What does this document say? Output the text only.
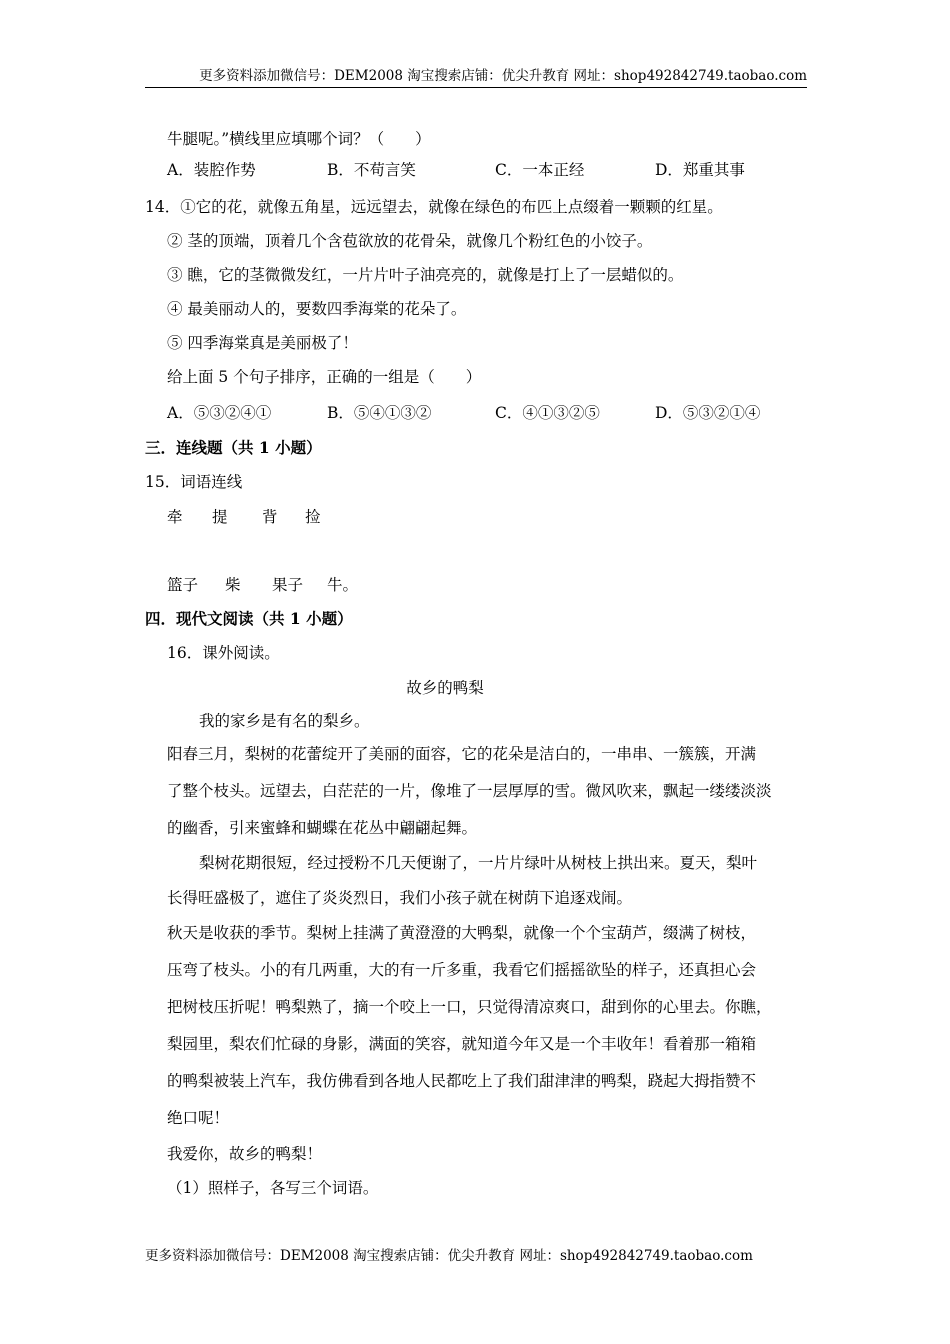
更多资料添加微信号：DEM2008 淘宝搜索店铺：优尖升教育 网址：shop492842749.taobao.com
牛腿呢。”横线里应填哪个词？（　　）
A．装腔作势	B．不苟言笑	C．一本正经	D．郑重其事
14．①它的花，就像五角星，远远望去，就像在绿色的布匹上点缀着一颗颗的红星。
② 茎的顶端，顶着几个含苞欲放的花骨朵，就像几个粉红色的小饺子。
③ 瞧，它的茎微微发红，一片片叶子油亮亮的，就像是打上了一层蜡似的。
④ 最美丽动人的，要数四季海棠的花朵了。
⑤ 四季海棠真是美丽极了！
给上面 5 个句子排序，正确的一组是（　　）
A．⑤③②④①	B．⑤④①③②	C．④①③②⑤	D．⑤③②①④
三．连线题（共 1 小题）
15．词语连线
牵 提 背 捡
篮子 柴 果子 牛。
四．现代文阅读（共 1 小题）
16．课外阅读。
故乡的鸭梨
我的家乡是有名的梨乡。
阳春三月，梨树的花蕾绽开了美丽的面容，它的花朵是洁白的，一串串、一簇簇，开满
了整个枝头。远望去，白茫茫的一片，像堆了一层厚厚的雪。微风吹来，飘起一缕缕淡淡
的幽香，引来蜜蜂和蝴蝶在花丛中翩翩起舞。
梨树花期很短，经过授粉不几天便谢了，一片片绿叶从树枝上拱出来。夏天，梨叶
长得旺盛极了，遮住了炎炎烈日，我们小孩子就在树荫下追逐戏闹。
秋天是收获的季节。梨树上挂满了黄澄澄的大鸭梨，就像一个个宝葫芦，缀满了树枝，
压弯了枝头。小的有几两重，大的有一斤多重，我看它们摇摇欲坠的样子，还真担心会
把树枝压折呢！鸭梨熟了，摘一个咬上一口，只觉得清凉爽口，甜到你的心里去。你瞧，
梨园里，梨农们忙碌的身影，满面的笑容，就知道今年又是一个丰收年！看着那一箱箱
的鸭梨被装上汽车，我仿佛看到各地人民都吃上了我们甜津津的鸭梨，跷起大拇指赞不
绝口呢！
我爱你，故乡的鸭梨！
（1）照样子，各写三个词语。
更多资料添加微信号：DEM2008 淘宝搜索店铺：优尖升教育 网址：shop492842749.taobao.com
